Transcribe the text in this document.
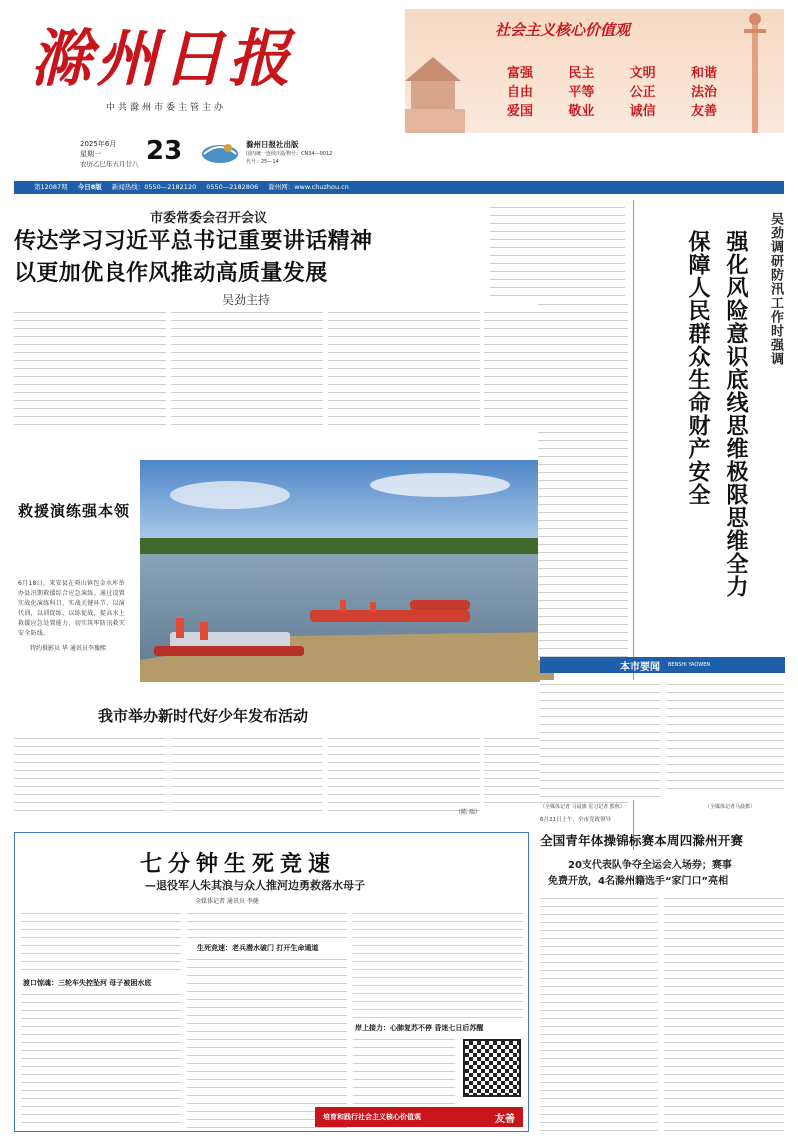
滁州日报
中共滁州市委主管主办
社会主义核心价值观
富强	民主	文明	和谐
自由	平等	公正	法治
爱国	敬业	诚信	友善
2025年6月
星期一
农历乙巳年五月廿八 23	滁州日报社出版
国内统一连续出版物号：CN34—0012
代号：25—14
第12087期 今日8版 新闻热线：0550—2182120 0550—2182806 滁州网：www.chuzhou.cn
市委常委会召开会议
传达学习习近平总书记重要讲话精神
以更加优良作风推动高质量发展
吴劲主持
救援演练强本领
6月18日，来安县在舜山镇包金水库举办县汛期救援综合应急演练。通过设置实战化演练科目，实战关键环节，以演代训，以训促练，以练促战，提高水上救援应急处置能力，切实筑牢防汛救灾安全防线。
特约摄影员 华 通讯员李豫熙
我市举办新时代好少年发布活动
（陈 瑞）
吴劲调研防汛工作时强调
强化风险意识底线思维极限思维全力保障人民群众生命财产安全
本市要闻 BENSHI YAOWEN
（全媒体记者 马晨旗 见习记者 熊秋）
6月21日上午，全市党政领导
（全媒体记者马晨旗）
七分钟生死竞速
—退役军人朱其浪与众人推河边勇救落水母子
全媒体记者 通讯员 李健
渡口惊魂：三轮车失控坠河 母子被困水底
生死竞速：老兵潜水破门 打开生命通道
岸上接力：心肺复苏不停 昏迷七日后苏醒
培育和践行社会主义核心价值观	友善
全国青年体操锦标赛本周四滁州开赛
20支代表队争夺全运会入场券；赛事
免费开放，4名滁州籍选手“家门口”亮相
